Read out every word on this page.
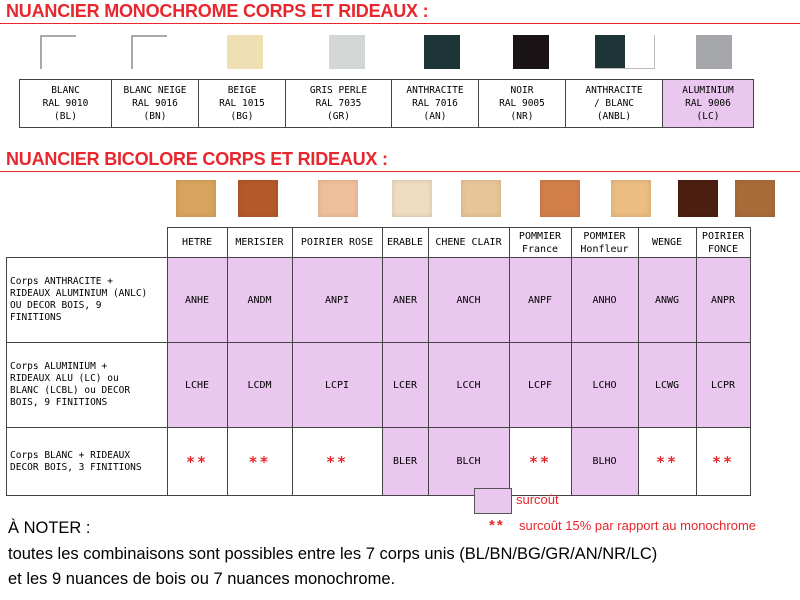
NUANCIER MONOCHROME CORPS ET RIDEAUX :
BLANC
RAL 9010
(BL)

BLANC NEIGE
RAL 9016
(BN)

BEIGE
RAL 1015
(BG)

GRIS PERLE
RAL 7035
(GR)

ANTHRACITE
RAL 7016
(AN)

NOIR
RAL 9005
(NR)

ANTHRACITE
/ BLANC
(ANBL)

ALUMINIUM
RAL 9006
(LC)
NUANCIER BICOLORE CORPS ET RIDEAUX :

	HETRE	MERISIER	POIRIER ROSE	ERABLE	CHENE CLAIR	POMMIER
France	POMMIER
Honfleur	WENGE	POIRIER
FONCE

Corps ANTHRACITE +
RIDEAUX ALUMINIUM (ANLC)
OU DECOR BOIS, 9
FINITIONS	ANHE	ANDM	ANPI	ANER	ANCH	ANPF	ANHO	ANWG	ANPR

Corps ALUMINIUM +
RIDEAUX ALU (LC) ou
BLANC (LCBL) ou DECOR
BOIS, 9 FINITIONS	LCHE	LCDM	LCPI	LCER	LCCH	LCPF	LCHO	LCWG	LCPR

Corps BLANC + RIDEAUX
DECOR BOIS, 3 FINITIONS	**	**	**	BLER	BLCH	**	BLHO	**	**
surcoût
** surcoût 15% par rapport au monochrome
À NOTER :
toutes les combinaisons sont possibles entre les 7 corps unis (BL/BN/BG/GR/AN/NR/LC)
et les 9 nuances de bois ou 7 nuances monochrome.
